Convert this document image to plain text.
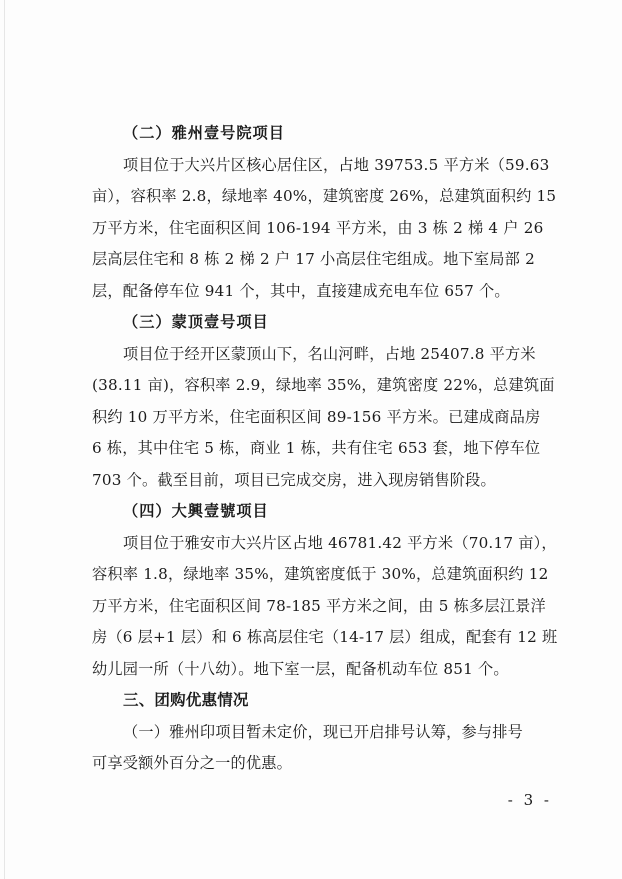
（二）雅州壹号院项目
项目位于大兴片区核心居住区，占地 39753.5 平方米（59.63
亩），容积率 2.8，绿地率 40%，建筑密度 26%，总建筑面积约 15
万平方米，住宅面积区间 106-194 平方米，由 3 栋 2 梯 4 户 26
层高层住宅和 8 栋 2 梯 2 户 17 小高层住宅组成。地下室局部 2
层，配备停车位 941 个，其中，直接建成充电车位 657 个。
（三）蒙顶壹号项目
项目位于经开区蒙顶山下，名山河畔，占地 25407.8 平方米
(38.11 亩)，容积率 2.9，绿地率 35%，建筑密度 22%，总建筑面
积约 10 万平方米，住宅面积区间 89-156 平方米。已建成商品房
6 栋，其中住宅 5 栋，商业 1 栋，共有住宅 653 套，地下停车位
703 个。截至目前，项目已完成交房，进入现房销售阶段。
（四）大興壹號项目
项目位于雅安市大兴片区占地 46781.42 平方米（70.17 亩），
容积率 1.8，绿地率 35%，建筑密度低于 30%，总建筑面积约 12
万平方米，住宅面积区间 78-185 平方米之间，由 5 栋多层江景洋
房（6 层+1 层）和 6 栋高层住宅（14-17 层）组成，配套有 12 班
幼儿园一所（十八幼）。地下室一层，配备机动车位 851 个。
三、团购优惠情况
（一）雅州印项目暂未定价，现已开启排号认筹，参与排号
可享受额外百分之一的优惠。
- 3 -
